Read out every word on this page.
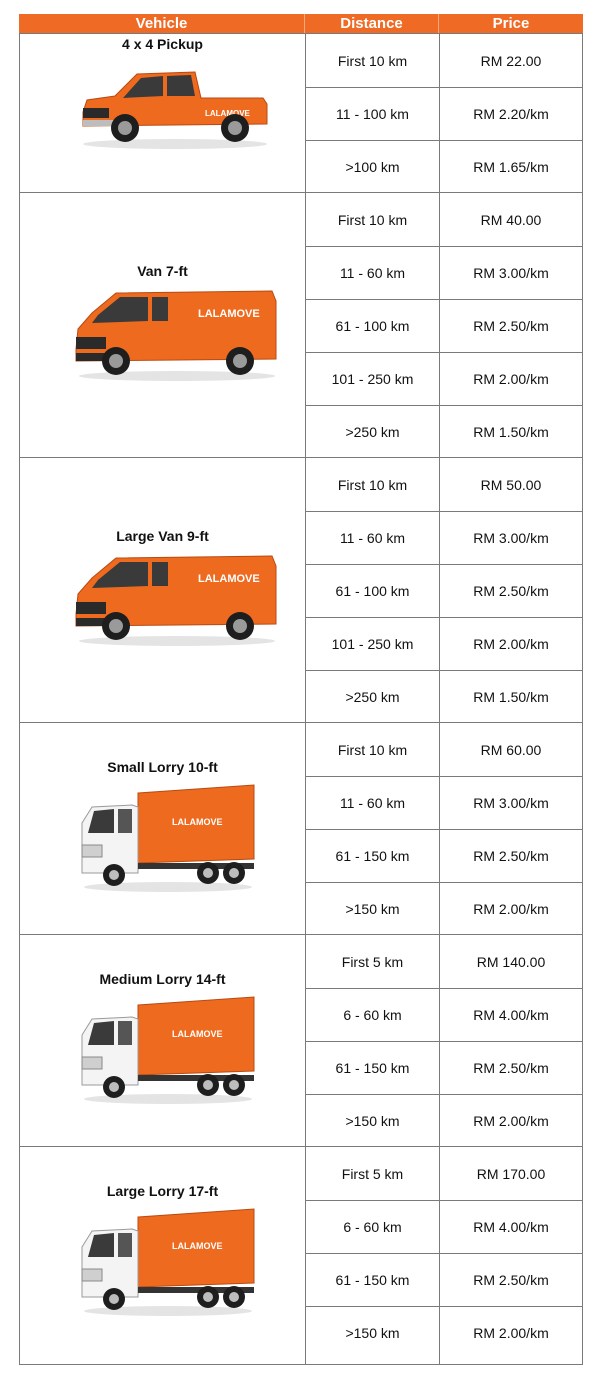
Vehicle	Distance	Price
4 x 4 Pickup
First 10 km	RM 22.00
11 - 100 km	RM 2.20/km
>100 km	RM 1.65/km
Van 7-ft
First 10 km	RM 40.00
11 - 60 km	RM 3.00/km
61 - 100 km	RM 2.50/km
101 - 250 km	RM 2.00/km
>250 km	RM 1.50/km
Large Van 9-ft
First 10 km	RM 50.00
11 - 60 km	RM 3.00/km
61 - 100 km	RM 2.50/km
101 - 250 km	RM 2.00/km
>250 km	RM 1.50/km
Small Lorry 10-ft
First 10 km	RM 60.00
11 - 60 km	RM 3.00/km
61 - 150 km	RM 2.50/km
>150 km	RM 2.00/km
Medium Lorry 14-ft
First 5 km	RM 140.00
6 - 60 km	RM 4.00/km
61 - 150 km	RM 2.50/km
>150 km	RM 2.00/km
Large Lorry 17-ft
First 5 km	RM 170.00
6 - 60 km	RM 4.00/km
61 - 150 km	RM 2.50/km
>150 km	RM 2.00/km
